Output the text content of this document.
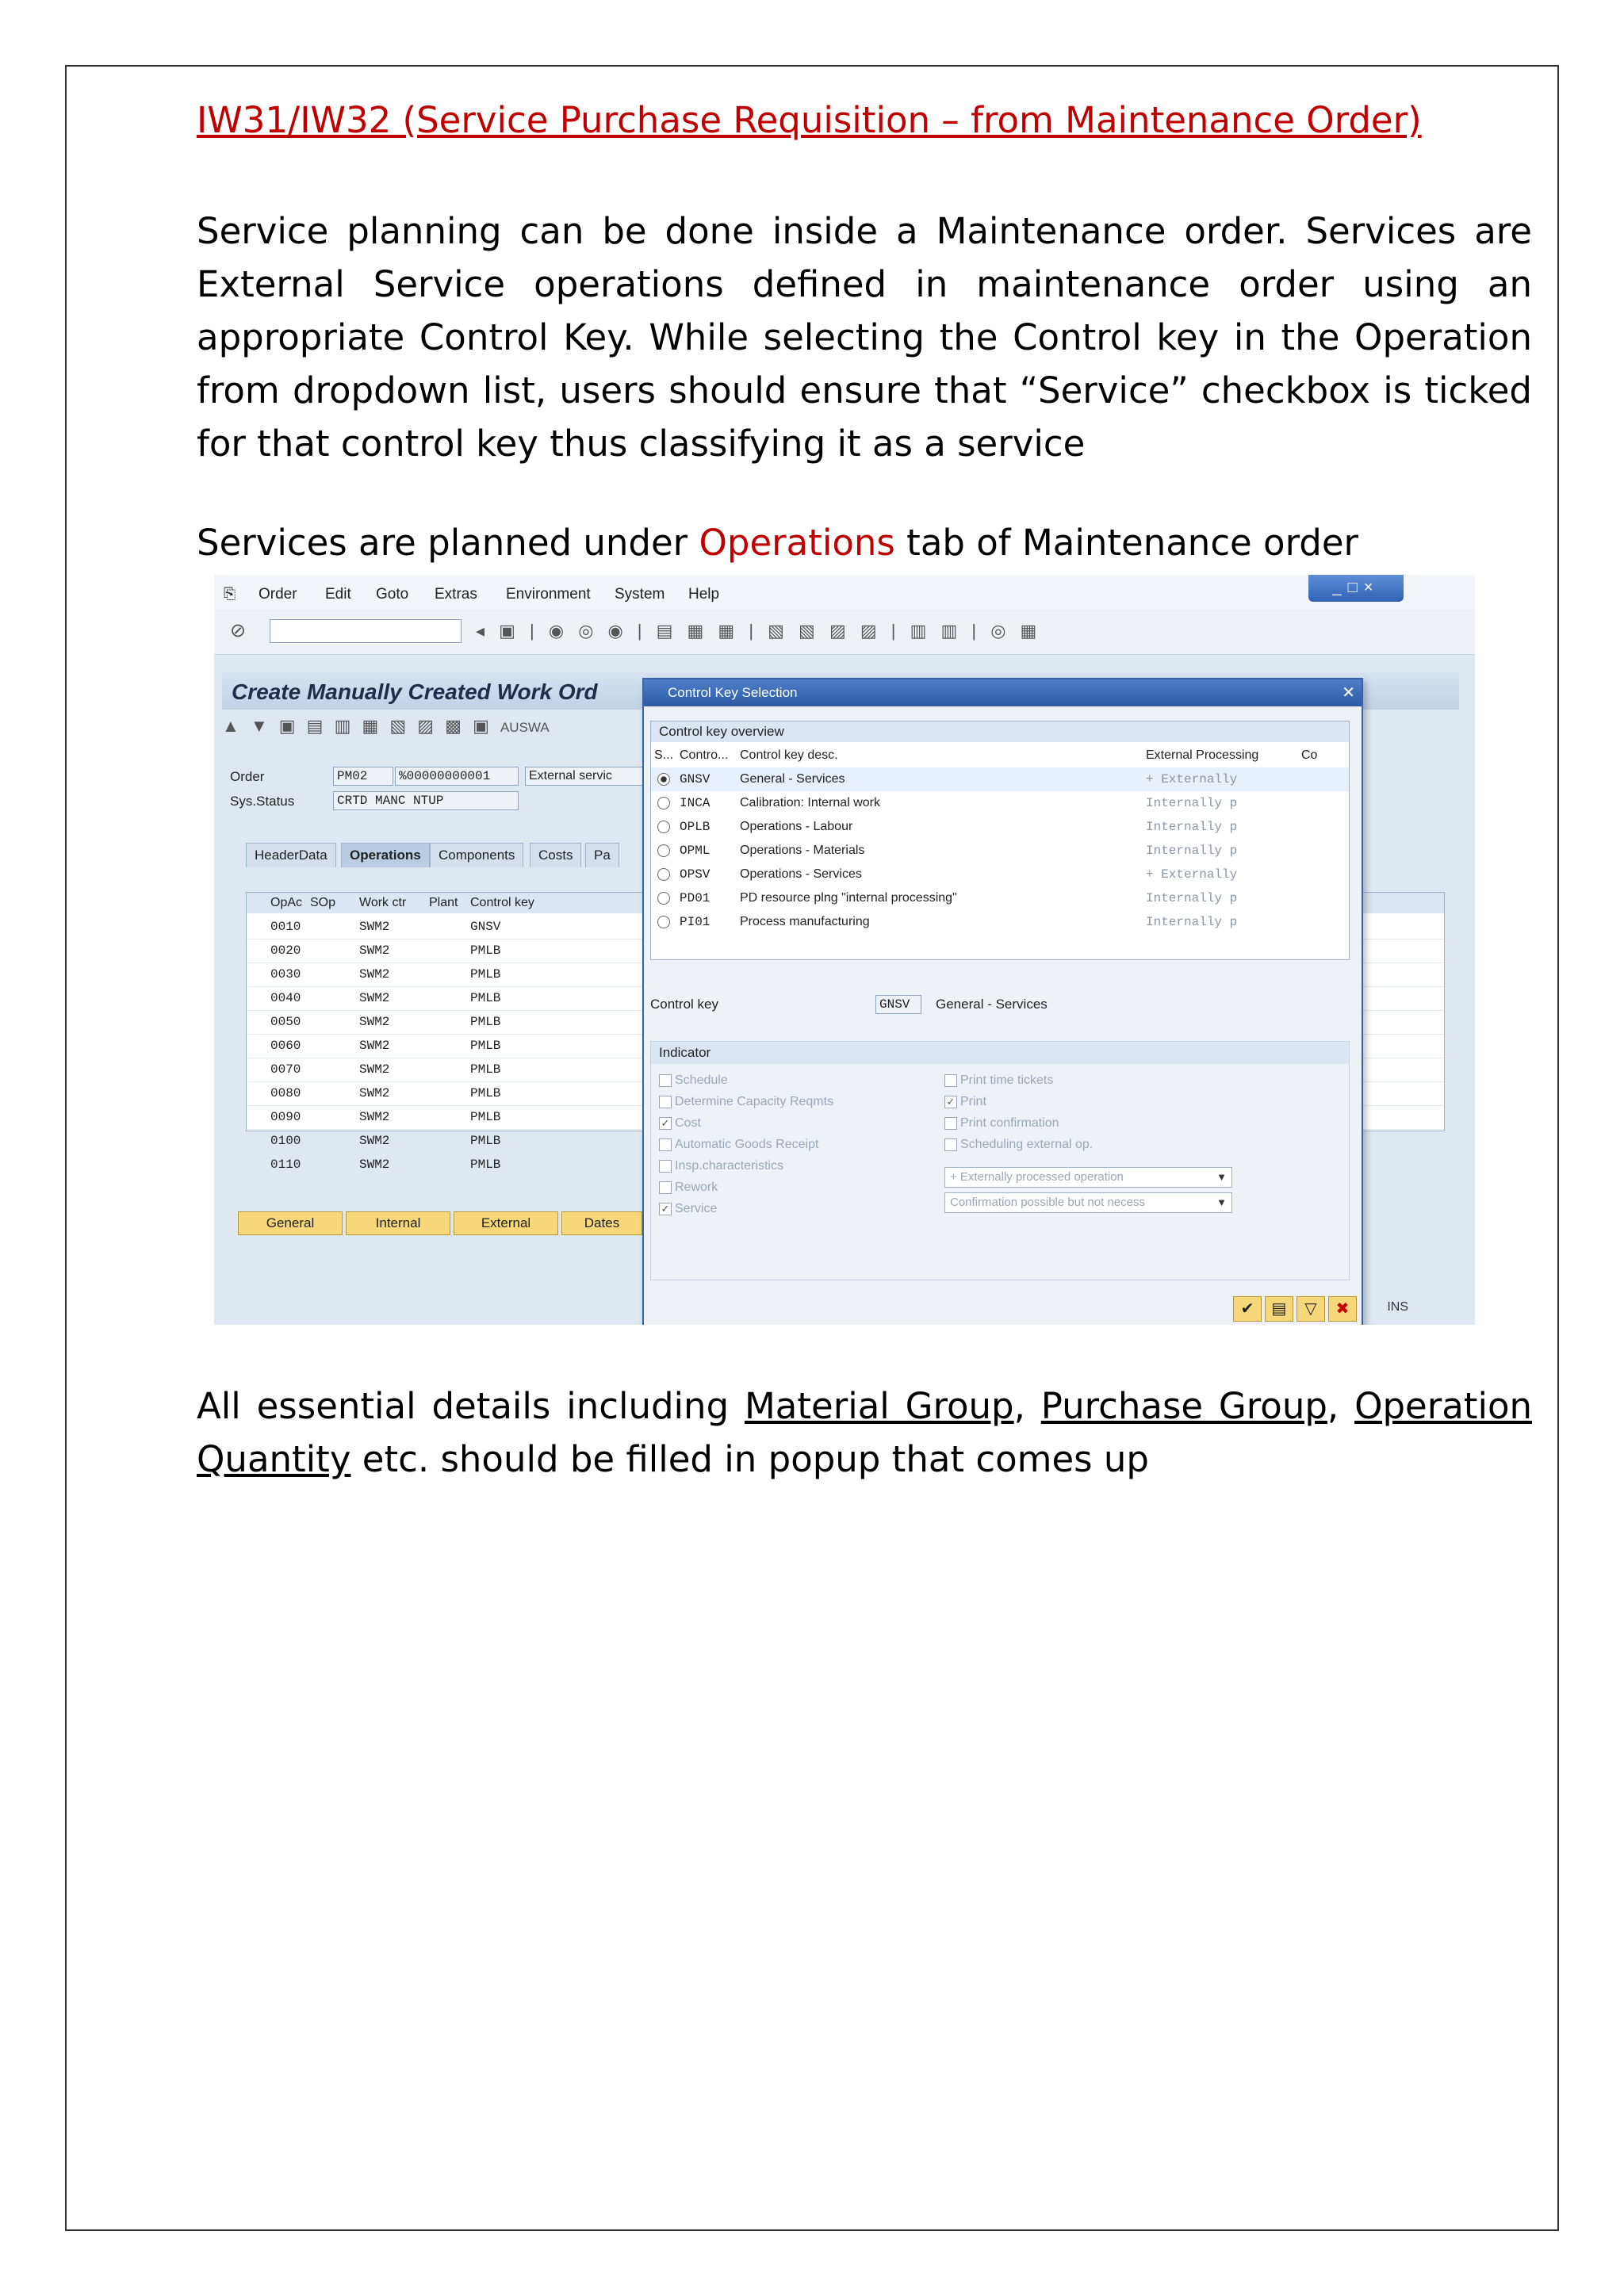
IW31/IW32 (Service Purchase Requisition – from Maintenance Order)
Service planning can be done inside a Maintenance order. Services are External Service operations defined in maintenance order using an appropriate Control Key. While selecting the Control key in the Operation from dropdown list, users should ensure that “Service” checkbox is ticked for that control key thus classifying it as a service
Services are planned under Operations tab of Maintenance order
⎘ Order Edit Goto Extras Environment System Help	_□×
⊘	◂ ▣ | ◉ ◎ ◉ | ▤ ▦ ▦ | ▧ ▧ ▨ ▨ | ▥ ▥ | ◎ ▦
Create Manually Created Work Ord
▲ ▼ ▣ ▤ ▥ ▦ ▧ ▨ ▩ ▣ AUSWA
Order	PM02	%00000000001	External servic
Sys.Status	CRTD MANC NTUP
HeaderData	Operations	Components	Costs	Pa
OpAc SOp Work ctr Plant Control key
0010	SWM2	GNSV
0020	SWM2	PMLB
0030	SWM2	PMLB
0040	SWM2	PMLB
0050	SWM2	PMLB
0060	SWM2	PMLB
0070	SWM2	PMLB
0080	SWM2	PMLB
0090	SWM2	PMLB
0100	SWM2	PMLB
0110	SWM2	PMLB
General	Internal	External	Dates
INS
Control Key Selection	✕
Control key overview
S... Contro... Control key desc.	External Processing	Co
GNSV General - Services	+ Externally
INCA Calibration: Internal work	Internally p
OPLB Operations - Labour	Internally p
OPML Operations - Materials	Internally p
OPSV Operations - Services	+ Externally
PD01 PD resource plng "internal processing"	Internally p
PI01 Process manufacturing	Internally p
Control key	GNSV	General - Services
Indicator
Schedule
Determine Capacity Reqmts
✓ Cost
Automatic Goods Receipt
Insp.characteristics
Rework
✓ Service
Print time tickets
✓ Print
Print confirmation
Scheduling external op.
+ Externally processed operation ▼
Confirmation possible but not necess ▼
✔ ▤ ▽ ✖
All essential details including Material Group, Purchase Group, Operation Quantity etc. should be filled in popup that comes up
